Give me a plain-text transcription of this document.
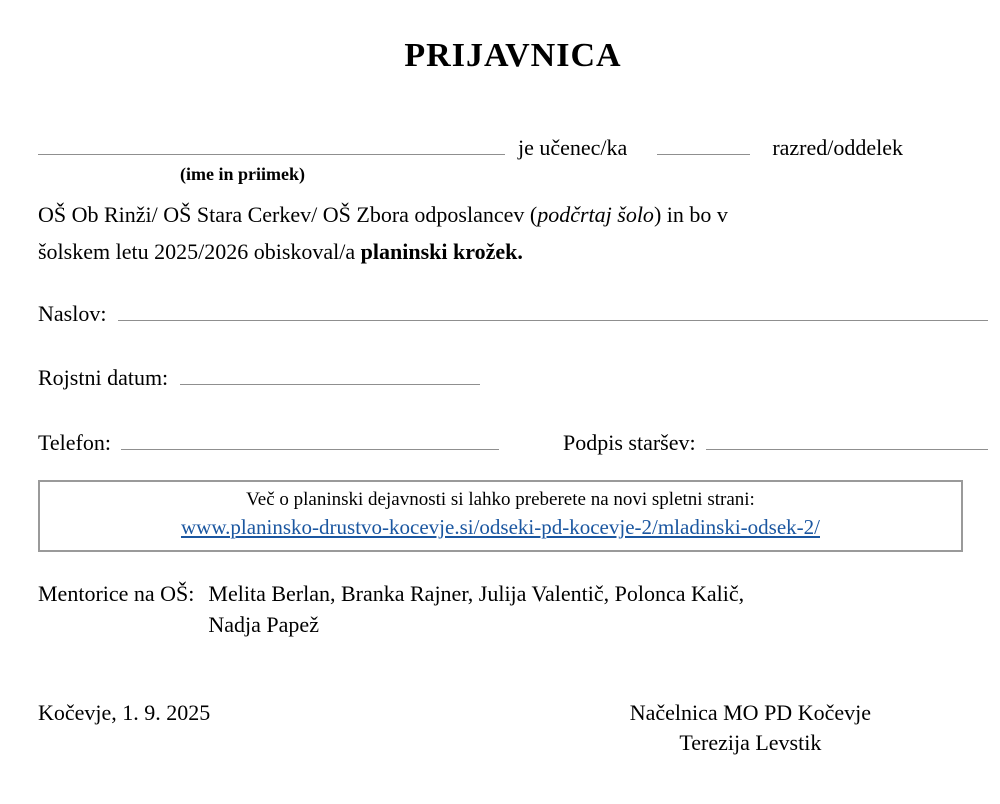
PRIJAVNICA
je učenec/ka	razred/oddelek
(ime in priimek)

OŠ Ob Rinži/ OŠ Stara Cerkev/ OŠ Zbora odposlancev (podčrtaj šolo) in bo v
šolskem letu 2025/2026 obiskoval/a planinski krožek.

Naslov:
Rojstni datum:
Telefon:	Podpis staršev:
Več o planinski dejavnosti si lahko preberete na novi spletni strani:
www.planinsko-drustvo-kocevje.si/odseki-pd-kocevje-2/mladinski-odsek-2/
Mentorice na OŠ: Melita Berlan, Branka Rajner, Julija Valentič, Polonca Kalič,
Nadja Papež
Kočevje, 1. 9. 2025	Načelnica MO PD Kočevje
Terezija Levstik
